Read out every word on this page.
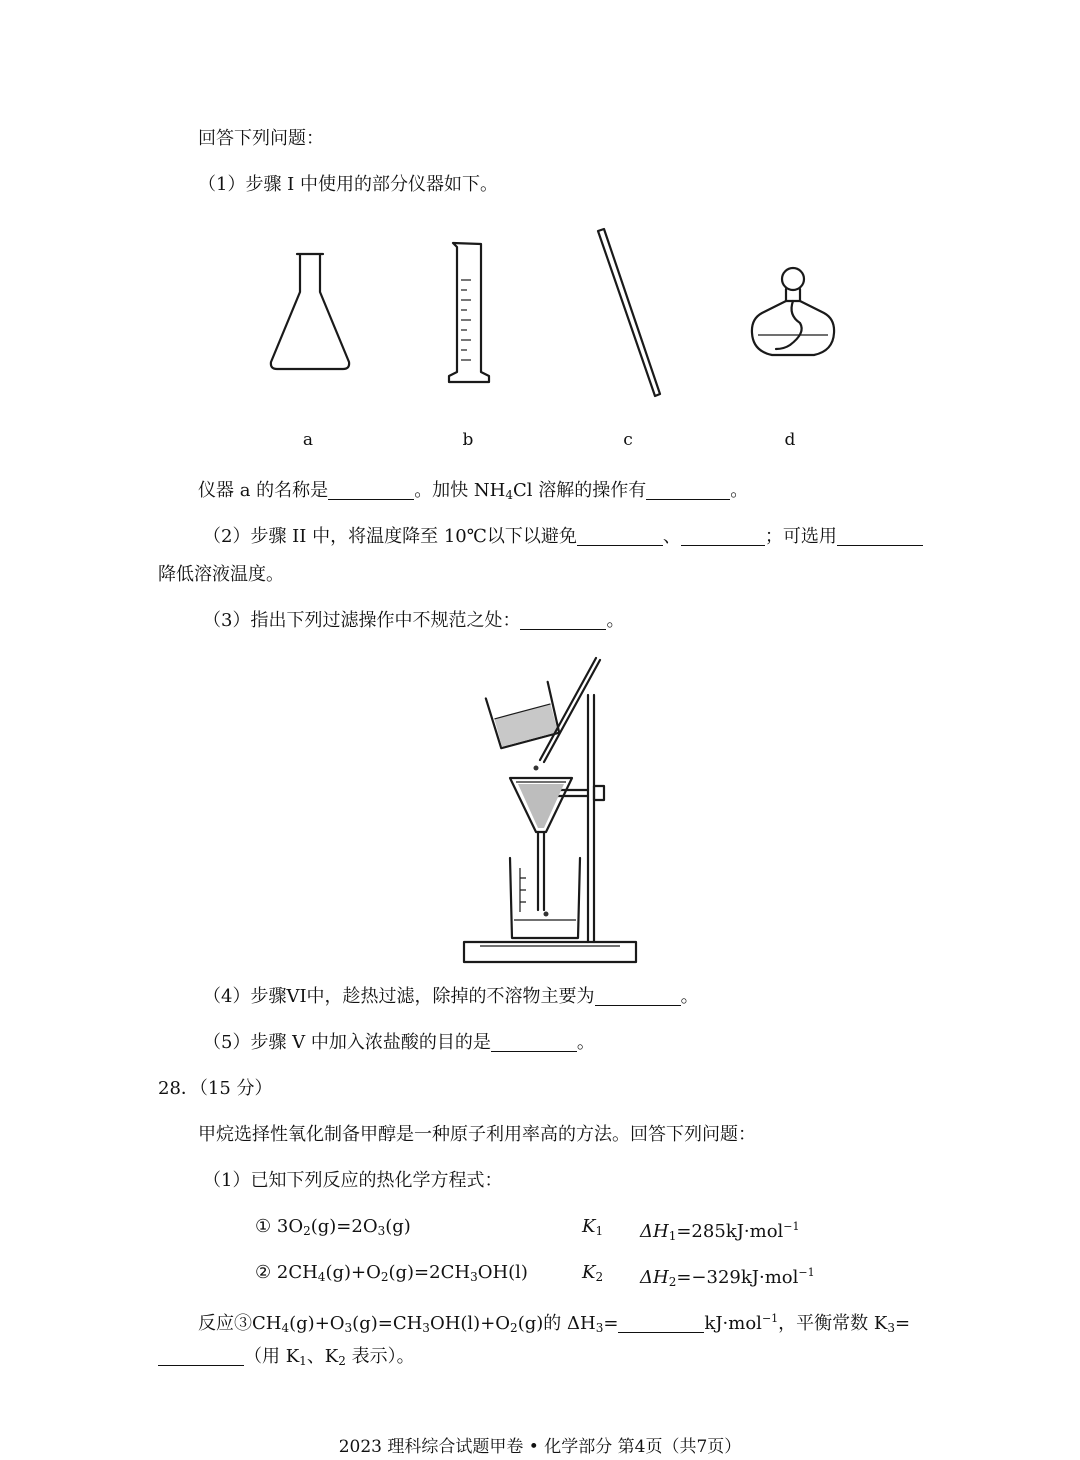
回答下列问题：
（1）步骤 I 中使用的部分仪器如下。
a	b	c	d
仪器 a 的名称是	。加快 $NH_4Cl$ 溶解的操作有	。
（2）步骤 II 中，将温度降至 10℃以下以避免	、	；可选用
降低溶液温度。
（3）指出下列过滤操作中不规范之处：	。
（4）步骤VI中，趁热过滤，除掉的不溶物主要为	。
（5）步骤 V 中加入浓盐酸的目的是	。
28．（15 分）
甲烷选择性氧化制备甲醇是一种原子利用率高的方法。回答下列问题：
（1）已知下列反应的热化学方程式：
① $3O_2(g)=2O_3(g)$	$K_1$ $\Delta H_1=285kJ\cdot mol^{-1}$
② $2CH_4(g)+O_2(g)=2CH_3OH(l)$	$K_2$ $\Delta H_2=-329kJ\cdot mol^{-1}$
反应$③CH_4(g)+O_3(g)=CH_3OH(l)+O_2(g)$的 $\Delta H_3=$	kJ·mol$^{-1}$，平衡常数 $K_3=$
（用 $K_1$、$K_2$ 表示）。
2023 理科综合试题甲卷 • 化学部分 第4页（共7页）
